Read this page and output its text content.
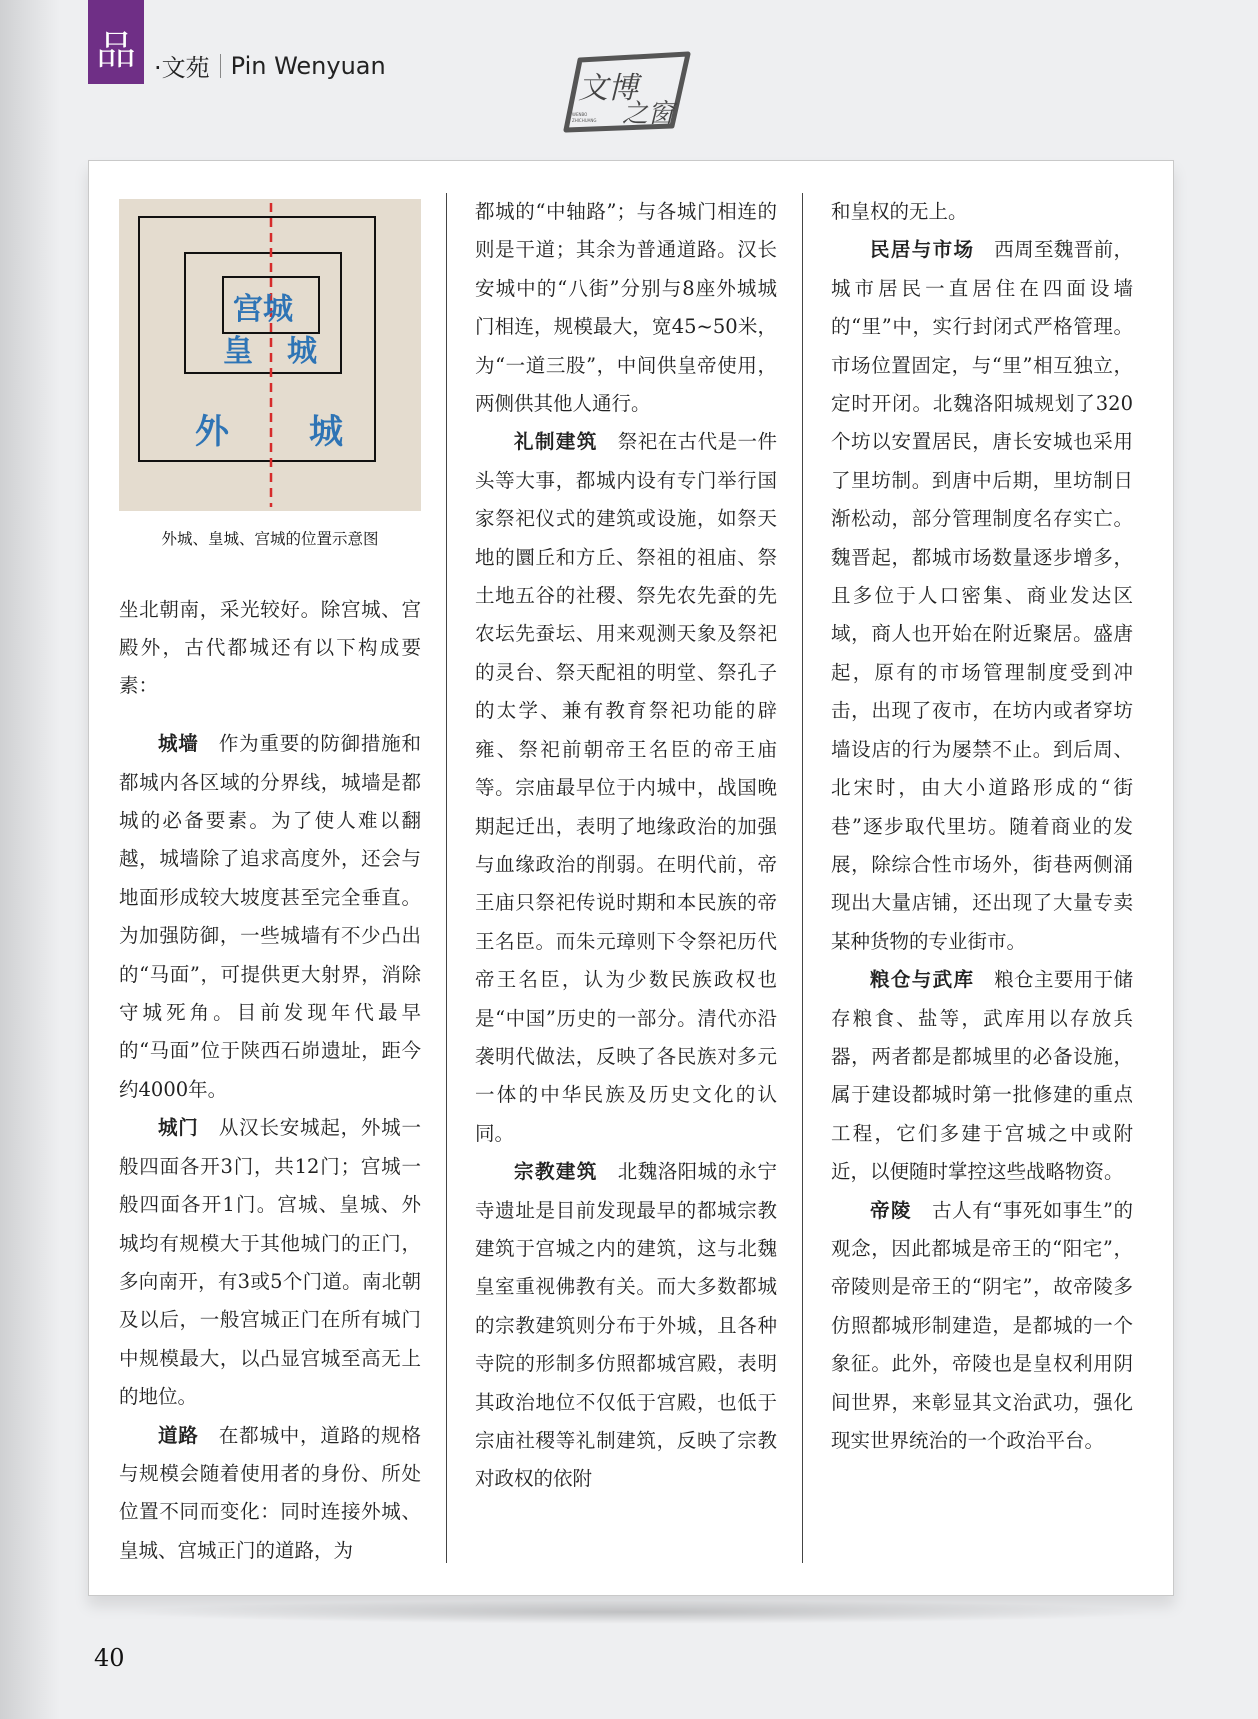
品 ·文苑 Pin Wenyuan
文博
之窗
WENBO
ZHICHUANG
宫城
皇 城
外 城
外城、皇城、宫城的位置示意图

坐北朝南，采光较好。除宫城、宫殿外，古代都城还有以下构成要素：

城墙　 作为重要的防御措施和都城内各区域的分界线，城墙是都城的必备要素。为了使人难以翻越，城墙除了追求高度外，还会与地面形成较大坡度甚至完全垂直。为加强防御，一些城墙有不少凸出的“马面”，可提供更大射界，消除守城死角。目前发现年代最早的“马面”位于陕西石峁遗址，距今约4000年。

城门　 从汉长安城起，外城一般四面各开3门，共12门；宫城一般四面各开1门。宫城、皇城、外城均有规模大于其他城门的正门，多向南开，有3或5个门道。南北朝及以后，一般宫城正门在所有城门中规模最大，以凸显宫城至高无上的地位。

道路　 在都城中，道路的规格与规模会随着使用者的身份、所处位置不同而变化：同时连接外城、皇城、宫城正门的道路，为

都城的“中轴路”；与各城门相连的则是干道；其余为普通道路。汉长安城中的“八街”分别与8座外城城门相连，规模最大，宽45~50米，为“一道三股”，中间供皇帝使用，两侧供其他人通行。

礼制建筑　 祭祀在古代是一件头等大事，都城内设有专门举行国家祭祀仪式的建筑或设施，如祭天地的圜丘和方丘、祭祖的祖庙、祭土地五谷的社稷、祭先农先蚕的先农坛先蚕坛、用来观测天象及祭祀的灵台、祭天配祖的明堂、祭孔子的太学、兼有教育祭祀功能的辟雍、祭祀前朝帝王名臣的帝王庙等。宗庙最早位于内城中，战国晚期起迁出，表明了地缘政治的加强与血缘政治的削弱。在明代前，帝王庙只祭祀传说时期和本民族的帝王名臣。而朱元璋则下令祭祀历代帝王名臣，认为少数民族政权也是“中国”历史的一部分。清代亦沿袭明代做法，反映了各民族对多元一体的中华民族及历史文化的认同。

宗教建筑　 北魏洛阳城的永宁寺遗址是目前发现最早的都城宗教建筑于宫城之内的建筑，这与北魏皇室重视佛教有关。而大多数都城的宗教建筑则分布于外城，且各种寺院的形制多仿照都城宫殿，表明其政治地位不仅低于宫殿，也低于宗庙社稷等礼制建筑，反映了宗教对政权的依附

和皇权的无上。

民居与市场　 西周至魏晋前，城市居民一直居住在四面设墙的“里”中，实行封闭式严格管理。市场位置固定，与“里”相互独立，定时开闭。北魏洛阳城规划了320个坊以安置居民，唐长安城也采用了里坊制。到唐中后期，里坊制日渐松动，部分管理制度名存实亡。魏晋起，都城市场数量逐步增多，且多位于人口密集、商业发达区域，商人也开始在附近聚居。盛唐起，原有的市场管理制度受到冲击，出现了夜市，在坊内或者穿坊墙设店的行为屡禁不止。到后周、北宋时，由大小道路形成的“街巷”逐步取代里坊。随着商业的发展，除综合性市场外，街巷两侧涌现出大量店铺，还出现了大量专卖某种货物的专业街市。

粮仓与武库　 粮仓主要用于储存粮食、盐等，武库用以存放兵器，两者都是都城里的必备设施，属于建设都城时第一批修建的重点工程，它们多建于宫城之中或附近，以便随时掌控这些战略物资。

帝陵　 古人有“事死如事生”的观念，因此都城是帝王的“阳宅”，帝陵则是帝王的“阴宅”，故帝陵多仿照都城形制建造，是都城的一个象征。此外，帝陵也是皇权利用阴间世界，来彰显其文治武功，强化现实世界统治的一个政治平台。

40
